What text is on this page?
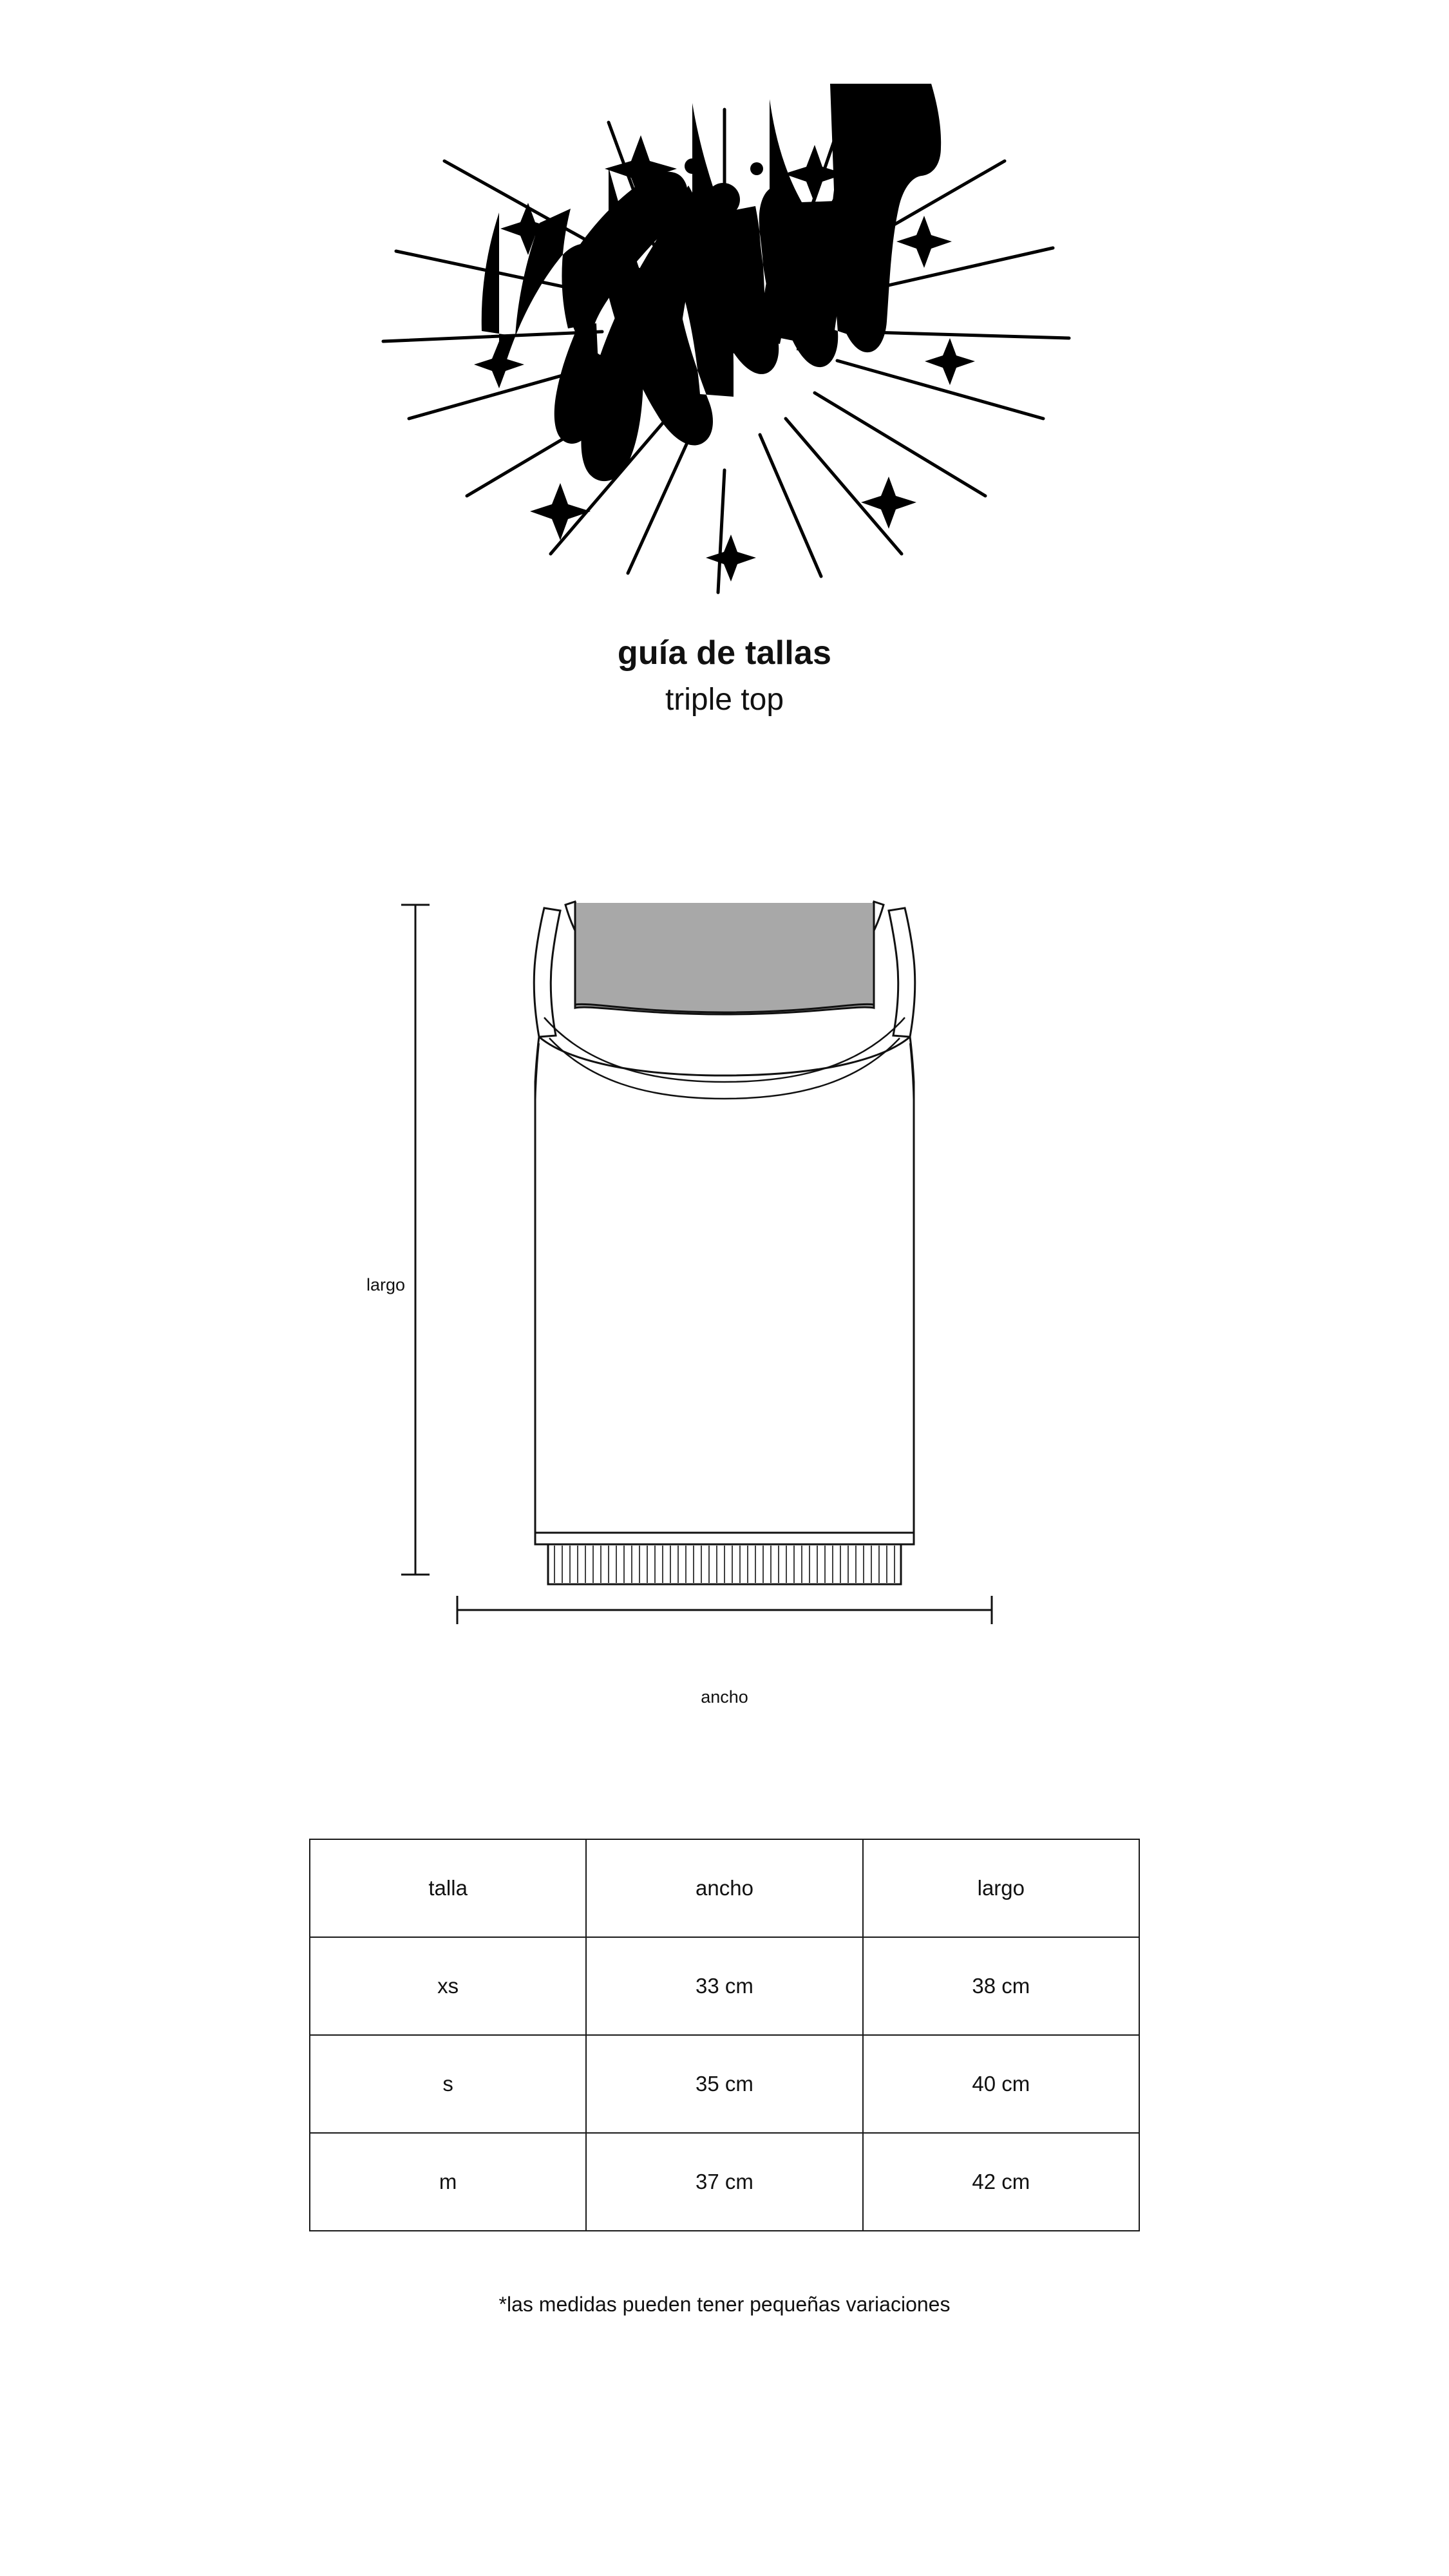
guía de tallas
triple top
largo
ancho
talla	ancho	largo
xs	33 cm	38 cm
s	35 cm	40 cm
m	37 cm	42 cm
*las medidas pueden tener pequeñas variaciones
